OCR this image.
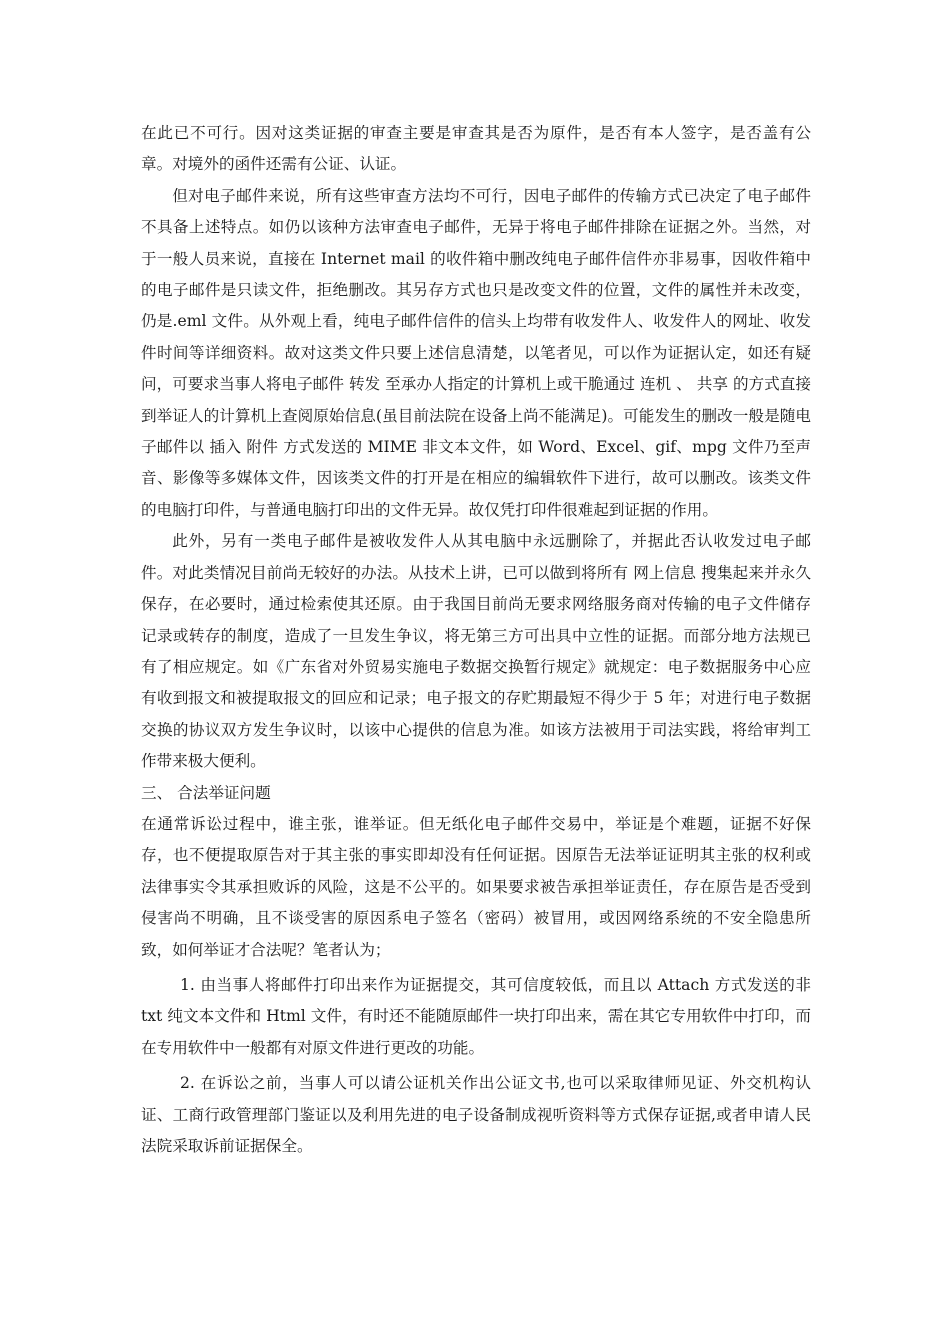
在此已不可行。因对这类证据的审查主要是审查其是否为原件，是否有本人签字，是否盖有公章。对境外的函件还需有公证、认证。

但对电子邮件来说，所有这些审查方法均不可行，因电子邮件的传输方式已决定了电子邮件不具备上述特点。如仍以该种方法审查电子邮件，无异于将电子邮件排除在证据之外。当然，对于一般人员来说，直接在 Internet mail 的收件箱中删改纯电子邮件信件亦非易事，因收件箱中的电子邮件是只读文件，拒绝删改。其另存方式也只是改变文件的位置，文件的属性并未改变，仍是.eml 文件。从外观上看，纯电子邮件信件的信头上均带有收发件人、收发件人的网址、收发件时间等详细资料。故对这类文件只要上述信息清楚，以笔者见，可以作为证据认定，如还有疑问，可要求当事人将电子邮件 转发 至承办人指定的计算机上或干脆通过 连机 、 共享 的方式直接到举证人的计算机上查阅原始信息(虽目前法院在设备上尚不能满足)。可能发生的删改一般是随电子邮件以 插入 附件 方式发送的 MIME 非文本文件，如 Word、Excel、gif、mpg 文件乃至声音、影像等多媒体文件，因该类文件的打开是在相应的编辑软件下进行，故可以删改。该类文件的电脑打印件，与普通电脑打印出的文件无异。故仅凭打印件很难起到证据的作用。

此外，另有一类电子邮件是被收发件人从其电脑中永远删除了，并据此否认收发过电子邮件。对此类情况目前尚无较好的办法。从技术上讲，已可以做到将所有 网上信息 搜集起来并永久保存，在必要时，通过检索使其还原。由于我国目前尚无要求网络服务商对传输的电子文件储存记录或转存的制度，造成了一旦发生争议，将无第三方可出具中立性的证据。而部分地方法规已有了相应规定。如《广东省对外贸易实施电子数据交换暂行规定》就规定：电子数据服务中心应有收到报文和被提取报文的回应和记录；电子报文的存贮期最短不得少于 5 年；对进行电子数据交换的协议双方发生争议时，以该中心提供的信息为准。如该方法被用于司法实践，将给审判工作带来极大便利。

三、 合法举证问题

在通常诉讼过程中，谁主张，谁举证。但无纸化电子邮件交易中，举证是个难题，证据不好保存，也不便提取原告对于其主张的事实即却没有任何证据。因原告无法举证证明其主张的权利或法律事实令其承担败诉的风险，这是不公平的。如果要求被告承担举证责任，存在原告是否受到侵害尚不明确，且不谈受害的原因系电子签名（密码）被冒用，或因网络系统的不安全隐患所致，如何举证才合法呢？笔者认为；

1. 由当事人将邮件打印出来作为证据提交，其可信度较低，而且以 Attach 方式发送的非 txt 纯文本文件和 Html 文件，有时还不能随原邮件一块打印出来，需在其它专用软件中打印，而在专用软件中一般都有对原文件进行更改的功能。

2. 在诉讼之前，当事人可以请公证机关作出公证文书,也可以采取律师见证、外交机构认证、工商行政管理部门鉴证以及利用先进的电子设备制成视听资料等方式保存证据,或者申请人民法院采取诉前证据保全。
